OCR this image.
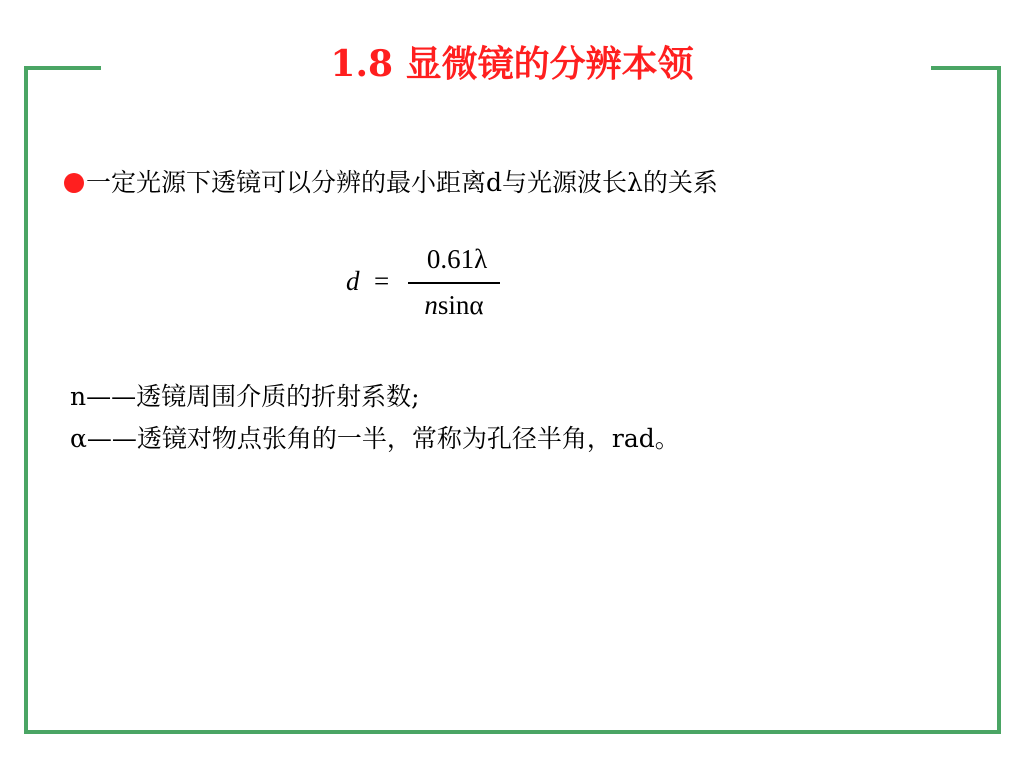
1.8 显微镜的分辨本领
一定光源下透镜可以分辨的最小距离d与光源波长λ的关系
d =
0.61λ
nsinα
n——透镜周围介质的折射系数;
α——透镜对物点张角的一半，常称为孔径半角，rad。
